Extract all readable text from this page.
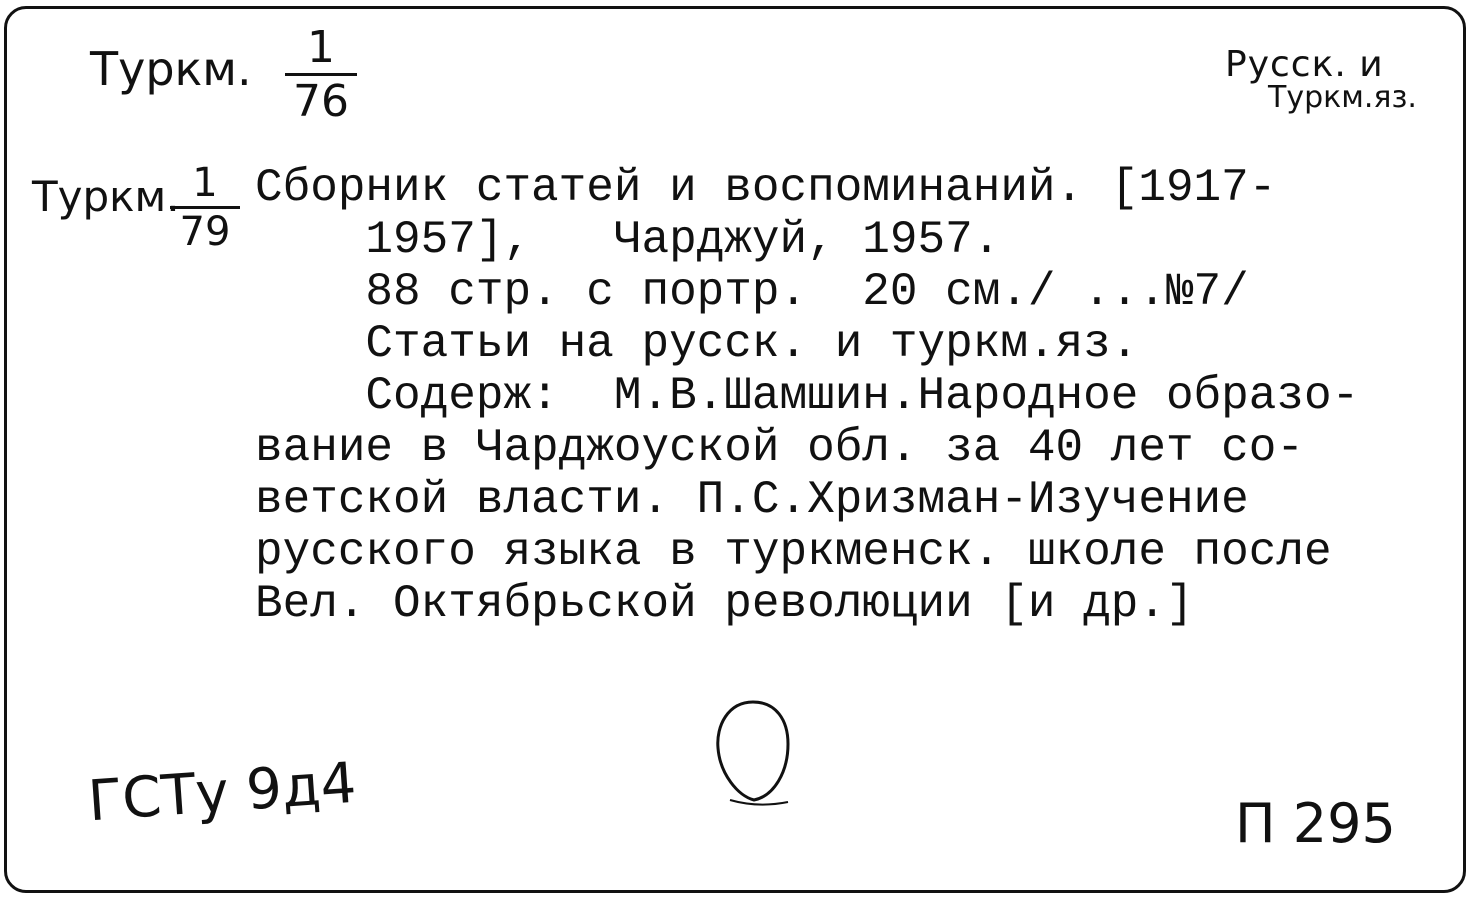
Туркм. $\frac{1}{76}$	Русск. и
Туркм.яз.
Туркм.
$\frac{1}{79}$ Сборник статей и воспоминаний. [1917-
1957],   Чарджуй, 1957.
88 стр. с портр.  20 см./ ...№7/
Статьи на русск. и туркм.яз.
Содерж:  М.В.Шамшин.Народное образо-
вание в Чарджоуской обл. за 40 лет со-
ветской власти. П.С.Хризман-Изучение
русского языка в туркменск. школе после
Вел. Октябрьской революции [и др.]
ГСТу 9д4	П 295
